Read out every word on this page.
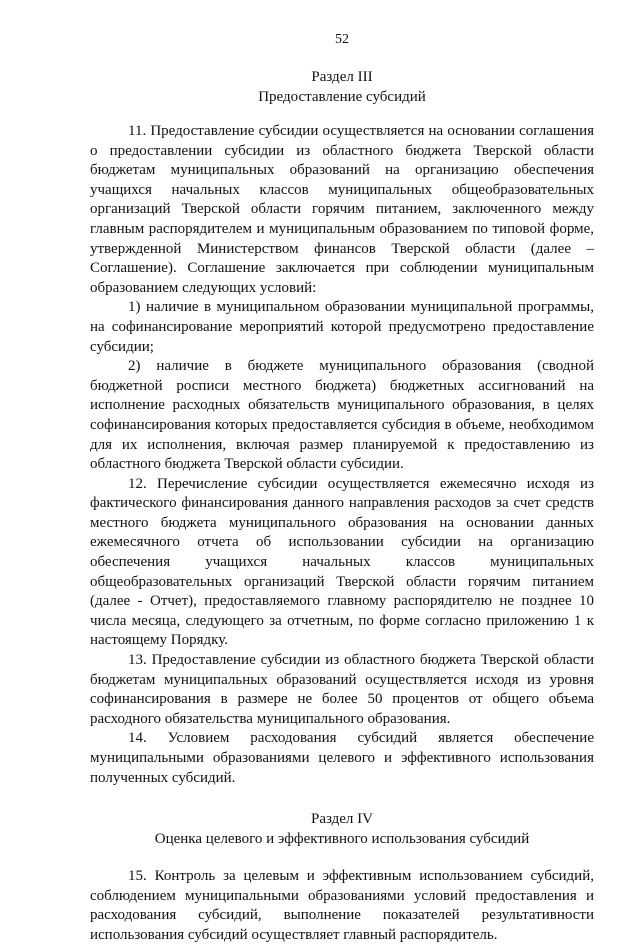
52
Раздел III
Предоставление субсидий

11. Предоставление субсидии осуществляется на основании соглашения о предоставлении субсидии из областного бюджета Тверской области бюджетам муниципальных образований на организацию обеспечения учащихся начальных классов муниципальных общеобразовательных организаций Тверской области горячим питанием, заключенного между главным распорядителем и муниципальным образованием по типовой форме, утвержденной Министерством финансов Тверской области (далее – Соглашение). Соглашение заключается при соблюдении муниципальным образованием следующих условий:

1) наличие в муниципальном образовании муниципальной программы, на софинансирование мероприятий которой предусмотрено предоставление субсидии;

2) наличие в бюджете муниципального образования (сводной бюджетной росписи местного бюджета) бюджетных ассигнований на исполнение расходных обязательств муниципального образования, в целях софинансирования которых предоставляется субсидия в объеме, необходимом для их исполнения, включая размер планируемой к предоставлению из областного бюджета Тверской области субсидии.

12. Перечисление субсидии осуществляется ежемесячно исходя из фактического финансирования данного направления расходов за счет средств местного бюджета муниципального образования на основании данных ежемесячного отчета об использовании субсидии на организацию обеспечения учащихся начальных классов муниципальных общеобразовательных организаций Тверской области горячим питанием (далее - Отчет), предоставляемого главному распорядителю не позднее 10 числа месяца, следующего за отчетным, по форме согласно приложению 1 к настоящему Порядку.

13. Предоставление субсидии из областного бюджета Тверской области бюджетам муниципальных образований осуществляется исходя из уровня софинансирования в размере не более 50 процентов от общего объема расходного обязательства муниципального образования.

14. Условием расходования субсидий является обеспечение муниципальными образованиями целевого и эффективного использования полученных субсидий.

Раздел IV
Оценка целевого и эффективного использования субсидий

15. Контроль за целевым и эффективным использованием субсидий, соблюдением муниципальными образованиями условий предоставления и расходования субсидий, выполнение показателей результативности использования субсидий осуществляет главный распорядитель.
